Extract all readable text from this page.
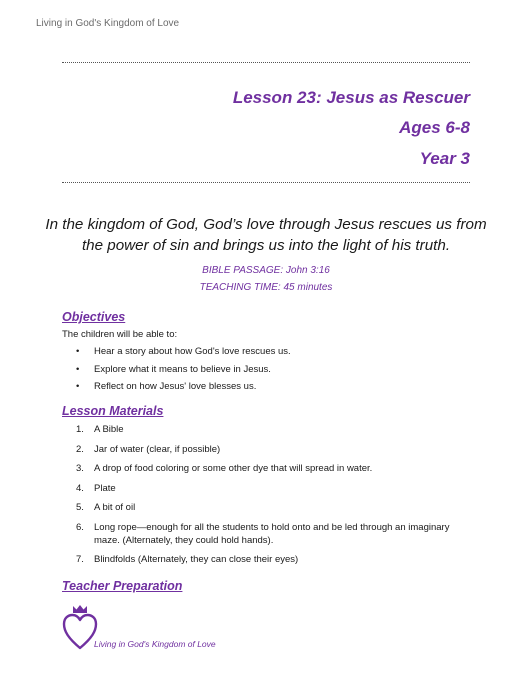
Living in God's Kingdom of Love
Lesson 23: Jesus as Rescuer
Ages 6-8
Year 3
In the kingdom of God, God’s love through Jesus rescues us from the power of sin and brings us into the light of his truth.
BIBLE PASSAGE: John 3:16
TEACHING TIME: 45 minutes
Objectives
The children will be able to:
• Hear a story about how God's love rescues us.
• Explore what it means to believe in Jesus.
• Reflect on how Jesus' love blesses us.
Lesson Materials
1. A Bible
2. Jar of water (clear, if possible)
3. A drop of food coloring or some other dye that will spread in water.
4. Plate
5. A bit of oil
6. Long rope—enough for all the students to hold onto and be led through an imaginary maze. (Alternately, they could hold hands).
7. Blindfolds (Alternately, they can close their eyes)
Teacher Preparation
Living in God's Kingdom of Love
